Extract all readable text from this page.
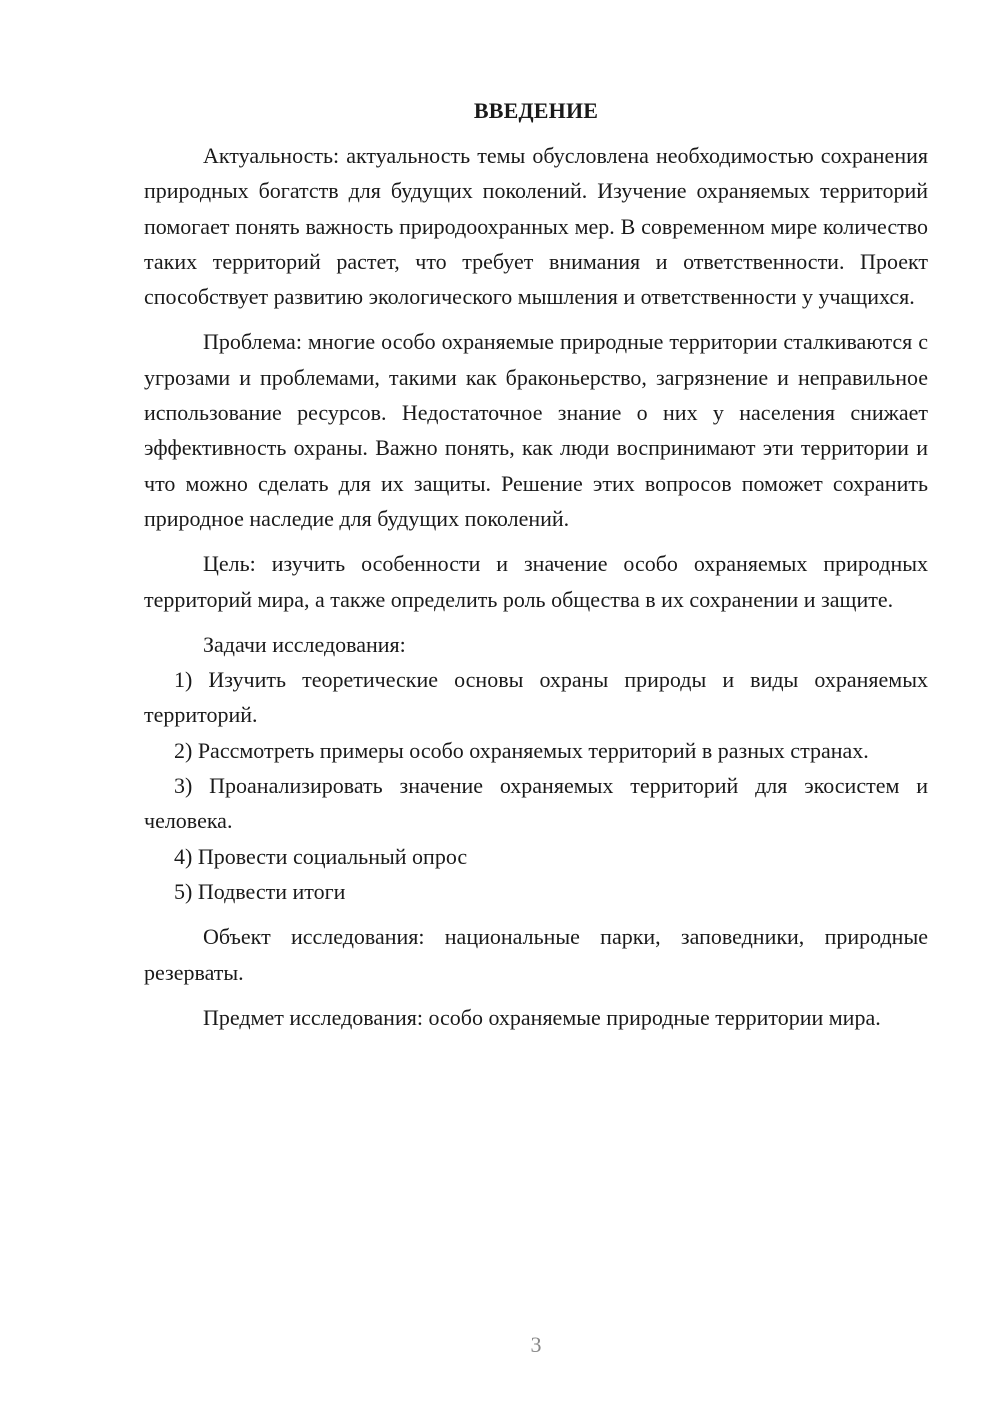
ВВЕДЕНИЕ

Актуальность: актуальность темы обусловлена необходимостью сохранения природных богатств для будущих поколений. Изучение охраняемых территорий помогает понять важность природоохранных мер. В современном мире количество таких территорий растет, что требует внимания и ответственности. Проект способствует развитию экологического мышления и ответственности у учащихся.

Проблема: многие особо охраняемые природные территории сталкиваются с угрозами и проблемами, такими как браконьерство, загрязнение и неправильное использование ресурсов. Недостаточное знание о них у населения снижает эффективность охраны. Важно понять, как люди воспринимают эти территории и что можно сделать для их защиты. Решение этих вопросов поможет сохранить природное наследие для будущих поколений.

Цель: изучить особенности и значение особо охраняемых природных территорий мира, а также определить роль общества в их сохранении и защите.

Задачи исследования:

1) Изучить теоретические основы охраны природы и виды охраняемых территорий.

2) Рассмотреть примеры особо охраняемых территорий в разных странах.

3) Проанализировать значение охраняемых территорий для экосистем и человека.

4) Провести социальный опрос

5) Подвести итоги

Объект исследования: национальные парки, заповедники, природные резерваты.

Предмет исследования: особо охраняемые природные территории мира.

3
